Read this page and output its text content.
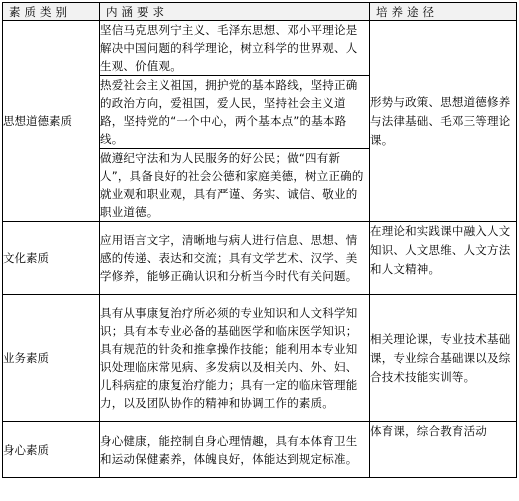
素质类别	内涵要求	培养途径
思想道德素质	坚信马克思列宁主义、毛泽东思想、邓小平理论是解决中国问题的科学理论，树立科学的世界观、人生观、价值观。	形势与政策、思想道德修养与法律基础、毛邓三等理论课。
	热爱社会主义祖国，拥护党的基本路线，坚持正确的政治方向，爱祖国，爱人民，坚持社会主义道路，坚持党的“一个中心，两个基本点”的基本路线。	
	做遵纪守法和为人民服务的好公民；做“四有新人”，具备良好的社会公德和家庭美德，树立正确的就业观和职业观，具有严谨、务实、诚信、敬业的职业道德。	
文化素质	应用语言文字，清晰地与病人进行信息、思想、情感的传递、表达和交流；具有文学艺术、汉学、美学修养，能够正确认识和分析当今时代有关问题。	在理论和实践课中融入人文知识、人文思维、人文方法和人文精神。
业务素质	具有从事康复治疗所必须的专业知识和人文科学知识；具有本专业必备的基础医学和临床医学知识；具有规范的针灸和推拿操作技能；能利用本专业知识处理临床常见病、多发病以及相关内、外、妇、儿科病症的康复治疗能力；具有一定的临床管理能力，以及团队协作的精神和协调工作的素质。	相关理论课，专业技术基础课，专业综合基础课以及综合技术技能实训等。
身心素质	身心健康，能控制自身心理情趣，具有本体育卫生和运动保健素养，体魄良好，体能达到规定标准。	体育课，综合教育活动
